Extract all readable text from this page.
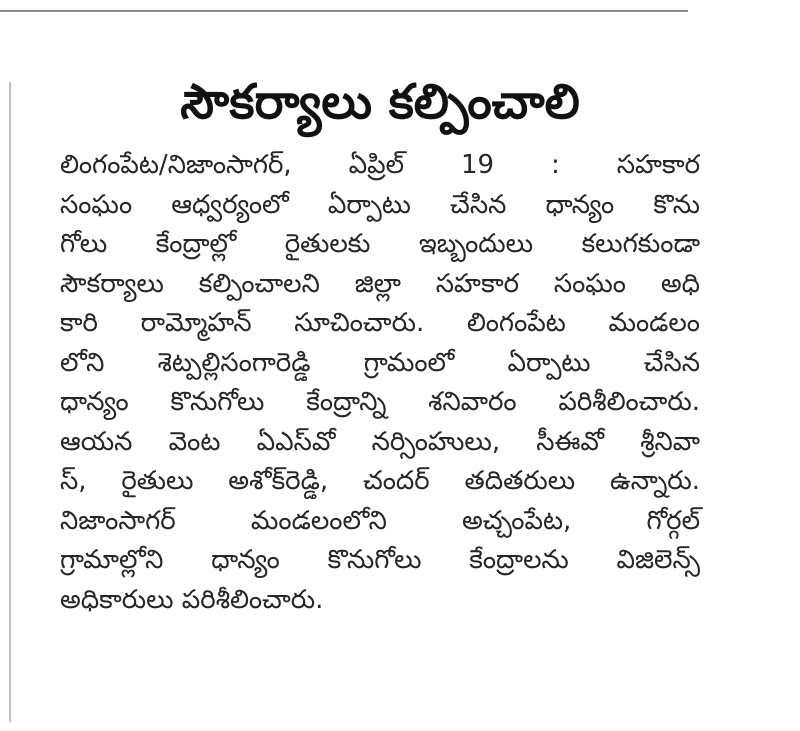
సౌకర్యాలు కల్పించాలి
లింగంపేట/నిజాంసాగర్, ఏప్రిల్ 19 : సహకార
సంఘం ఆధ్వర్యంలో ఏర్పాటు చేసిన ధాన్యం కొను
గోలు కేంద్రాల్లో రైతులకు ఇబ్బందులు కలుగకుండా
సౌకర్యాలు కల్పించాలని జిల్లా సహకార సంఘం అధి
కారి రామ్మోహన్ సూచించారు. లింగంపేట మండలం
లోని శెట్పల్లిసంగారెడ్డి గ్రామంలో ఏర్పాటు చేసిన
ధాన్యం కొనుగోలు కేంద్రాన్ని శనివారం పరిశీలించారు.
ఆయన వెంట ఏఎస్‌వో నర్సింహులు, సీఈవో శ్రీనివా
స్, రైతులు అశోక్‌రెడ్డి, చందర్ తదితరులు ఉన్నారు.
నిజాంసాగర్ మండలంలోని అచ్చంపేట, గోర్గల్
గ్రామాల్లోని ధాన్యం కొనుగోలు కేంద్రాలను విజిలెన్స్
అధికారులు పరిశీలించారు.
